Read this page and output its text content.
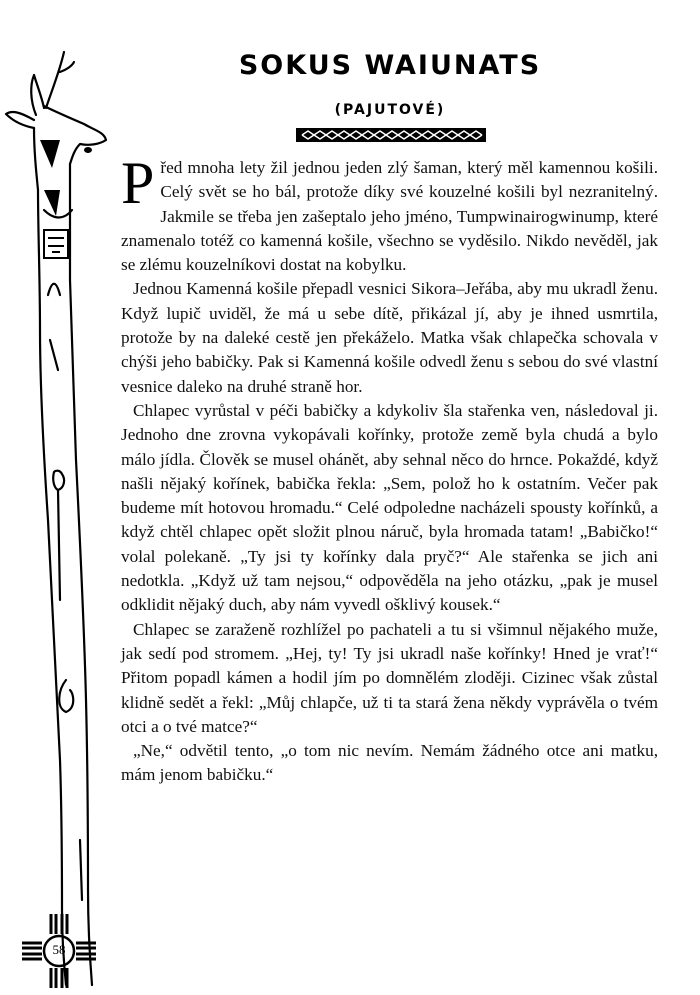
SOKUS WAIUNATS
(PAJUTOVÉ)

Před mnoha lety žil jednou jeden zlý šaman, který měl kamennou košili. Celý svět se ho bál, protože díky své kouzelné košili byl nezranitelný. Jakmile se třeba jen zašeptalo jeho jméno, Tumpwinairogwinump, které znamenalo totéž co kamenná košile, všechno se vyděsilo. Nikdo nevěděl, jak se zlému kouzelníkovi dostat na kobylku.

Jednou Kamenná košile přepadl vesnici Sikora–Jeřába, aby mu ukradl ženu. Když lupič uviděl, že má u sebe dítě, přikázal jí, aby je ihned usmrtila, protože by na daleké cestě jen překáželo. Matka však chlapečka schovala v chýši jeho babičky. Pak si Kamenná košile odvedl ženu s sebou do své vlastní vesnice daleko na druhé straně hor.

Chlapec vyrůstal v péči babičky a kdykoliv šla stařenka ven, následoval ji. Jednoho dne zrovna vykopávali kořínky, protože země byla chudá a bylo málo jídla. Člověk se musel ohánět, aby sehnal něco do hrnce. Pokaždé, když našli nějaký kořínek, babička řekla: „Sem, polož ho k ostatním. Večer pak budeme mít hotovou hromadu.“ Celé odpoledne nacházeli spousty kořínků, a když chtěl chlapec opět složit plnou náruč, byla hromada tatam! „Babičko!“ volal polekaně. „Ty jsi ty kořínky dala pryč?“ Ale stařenka se jich ani nedotkla. „Když už tam nejsou,“ odpověděla na jeho otázku, „pak je musel odklidit nějaký duch, aby nám vyvedl ošklivý kousek.“

Chlapec se zaraženě rozhlížel po pachateli a tu si všimnul nějakého muže, jak sedí pod stromem. „Hej, ty! Ty jsi ukradl naše kořínky! Hned je vrať!“ Přitom popadl kámen a hodil jím po domnělém zloději. Cizinec však zůstal klidně sedět a řekl: „Můj chlapče, už ti ta stará žena někdy vyprávěla o tvém otci a o tvé matce?“

„Ne,“ odvětil tento, „o tom nic nevím. Nemám žádného otce ani matku, mám jenom babičku.“

58
